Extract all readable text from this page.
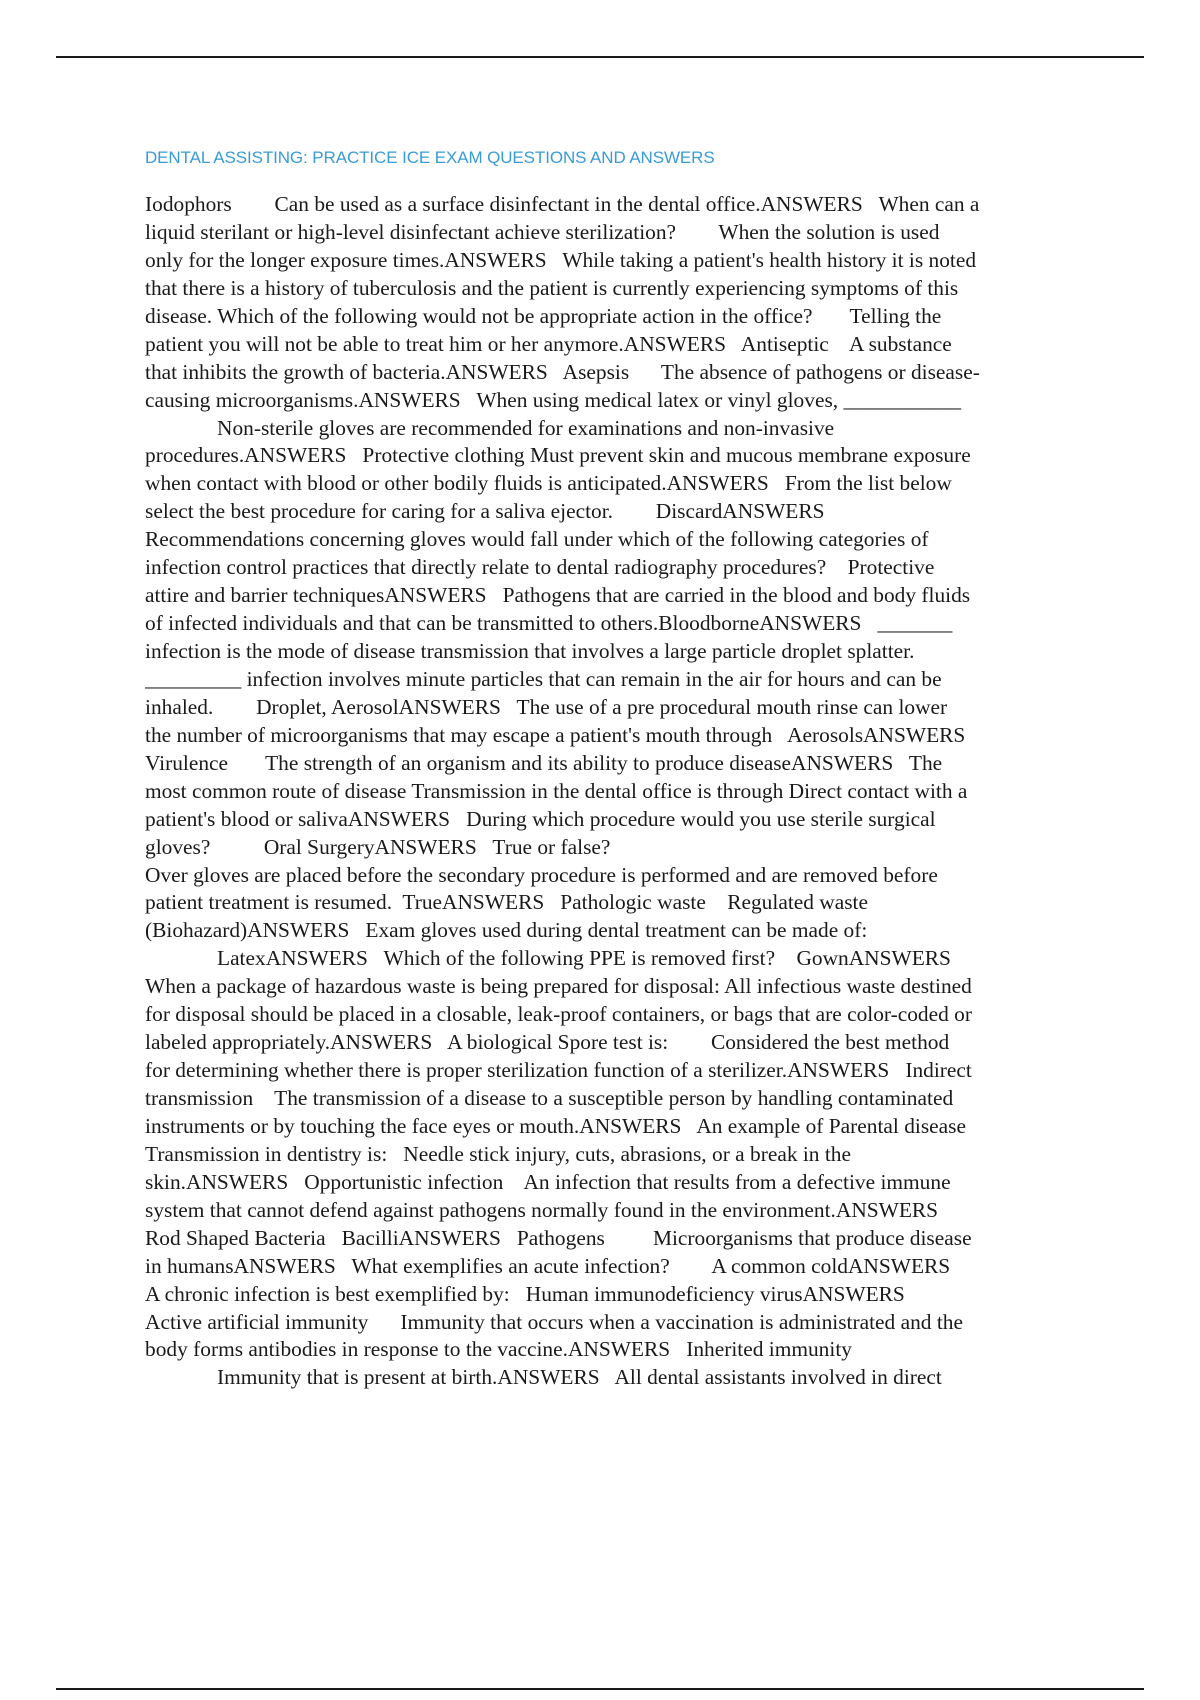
DENTAL ASSISTING: PRACTICE ICE EXAM QUESTIONS AND ANSWERS
Iodophors        Can be used as a surface disinfectant in the dental office.ANSWERS   When can a
liquid sterilant or high-level disinfectant achieve sterilization?        When the solution is used
only for the longer exposure times.ANSWERS   While taking a patient's health history it is noted
that there is a history of tuberculosis and the patient is currently experiencing symptoms of this
disease. Which of the following would not be appropriate action in the office?       Telling the
patient you will not be able to treat him or her anymore.ANSWERS   Antiseptic    A substance
that inhibits the growth of bacteria.ANSWERS   Asepsis      The absence of pathogens or disease-
causing microorganisms.ANSWERS   When using medical latex or vinyl gloves, ___________
Non-sterile gloves are recommended for examinations and non-invasive
procedures.ANSWERS   Protective clothing Must prevent skin and mucous membrane exposure
when contact with blood or other bodily fluids is anticipated.ANSWERS   From the list below
select the best procedure for caring for a saliva ejector.        DiscardANSWERS
Recommendations concerning gloves would fall under which of the following categories of
infection control practices that directly relate to dental radiography procedures?    Protective
attire and barrier techniquesANSWERS   Pathogens that are carried in the blood and body fluids
of infected individuals and that can be transmitted to others.BloodborneANSWERS   _______
infection is the mode of disease transmission that involves a large particle droplet splatter.
_________ infection involves minute particles that can remain in the air for hours and can be
inhaled.        Droplet, AerosolANSWERS   The use of a pre procedural mouth rinse can lower
the number of microorganisms that may escape a patient's mouth through   AerosolsANSWERS
Virulence       The strength of an organism and its ability to produce diseaseANSWERS   The
most common route of disease Transmission in the dental office is through Direct contact with a
patient's blood or salivaANSWERS   During which procedure would you use sterile surgical
gloves?          Oral SurgeryANSWERS   True or false?
Over gloves are placed before the secondary procedure is performed and are removed before
patient treatment is resumed.  TrueANSWERS   Pathologic waste    Regulated waste
(Biohazard)ANSWERS   Exam gloves used during dental treatment can be made of:
LatexANSWERS   Which of the following PPE is removed first?    GownANSWERS
When a package of hazardous waste is being prepared for disposal: All infectious waste destined
for disposal should be placed in a closable, leak-proof containers, or bags that are color-coded or
labeled appropriately.ANSWERS   A biological Spore test is:        Considered the best method
for determining whether there is proper sterilization function of a sterilizer.ANSWERS   Indirect
transmission    The transmission of a disease to a susceptible person by handling contaminated
instruments or by touching the face eyes or mouth.ANSWERS   An example of Parental disease
Transmission in dentistry is:   Needle stick injury, cuts, abrasions, or a break in the
skin.ANSWERS   Opportunistic infection    An infection that results from a defective immune
system that cannot defend against pathogens normally found in the environment.ANSWERS
Rod Shaped Bacteria   BacilliANSWERS   Pathogens         Microorganisms that produce disease
in humansANSWERS   What exemplifies an acute infection?        A common coldANSWERS
A chronic infection is best exemplified by:   Human immunodeficiency virusANSWERS
Active artificial immunity      Immunity that occurs when a vaccination is administrated and the
body forms antibodies in response to the vaccine.ANSWERS   Inherited immunity
Immunity that is present at birth.ANSWERS   All dental assistants involved in direct
